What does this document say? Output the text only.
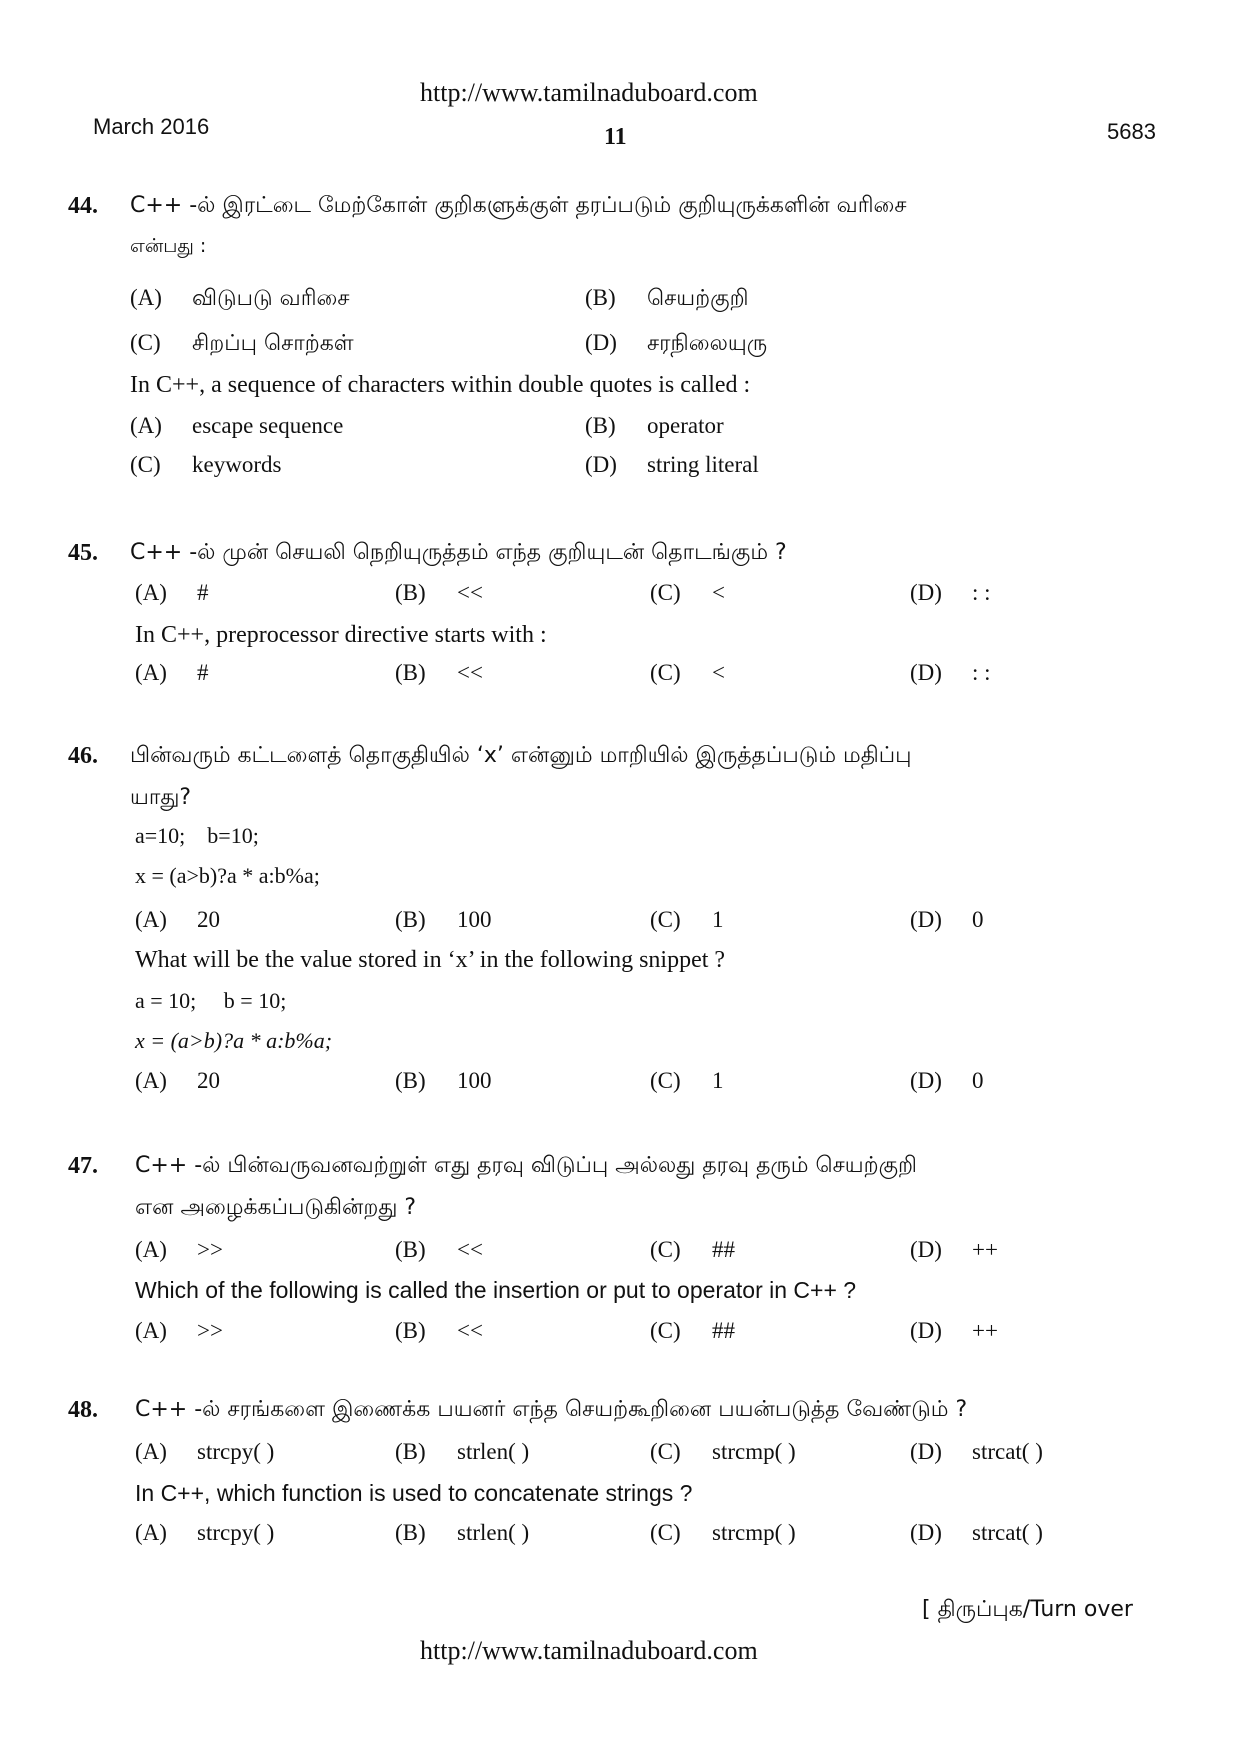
http://www.tamilnaduboard.com
March 2016	11	5683
44. C++ -ல் இரட்டை மேற்கோள் குறிகளுக்குள் தரப்படும் குறியுருக்களின் வரிசை
என்பது :
(A) விடுபடு வரிசை	(B) செயற்குறி
(C) சிறப்பு சொற்கள்	(D) சரநிலையுரு
In C++, a sequence of characters within double quotes is called :
(A) escape sequence	(B) operator
(C) keywords	(D) string literal
45. C++ -ல் முன் செயலி நெறியுருத்தம் எந்த குறியுடன் தொடங்கும் ?
(A) #	(B) <<	(C) <	(D) : :
In C++, preprocessor directive starts with :
(A) #	(B) <<	(C) <	(D) : :
46. பின்வரும் கட்டளைத் தொகுதியில் ‘x’ என்னும் மாறியில் இருத்தப்படும் மதிப்பு
யாது?
a=10;    b=10;
x = (a>b)?a * a:b%a;
(A) 20	(B) 100	(C) 1	(D) 0
What will be the value stored in ‘x’ in the following snippet ?
a = 10;     b = 10;
x = (a>b)?a * a:b%a;
(A) 20	(B) 100	(C) 1	(D) 0
47. C++ -ல் பின்வருவனவற்றுள் எது தரவு விடுப்பு அல்லது தரவு தரும் செயற்குறி
என அழைக்கப்படுகின்றது ?
(A) >>	(B) <<	(C) ##	(D) ++
Which of the following is called the insertion or put to operator in C++ ?
(A) >>	(B) <<	(C) ##	(D) ++
48. C++ -ல் சரங்களை இணைக்க பயனர் எந்த செயற்கூறினை பயன்படுத்த வேண்டும் ?
(A) strcpy( )	(B) strlen( )	(C) strcmp( )	(D) strcat( )
In C++, which function is used to concatenate strings ?
(A) strcpy( )	(B) strlen( )	(C) strcmp( )	(D) strcat( )
[ திருப்புக/Turn over
http://www.tamilnaduboard.com
